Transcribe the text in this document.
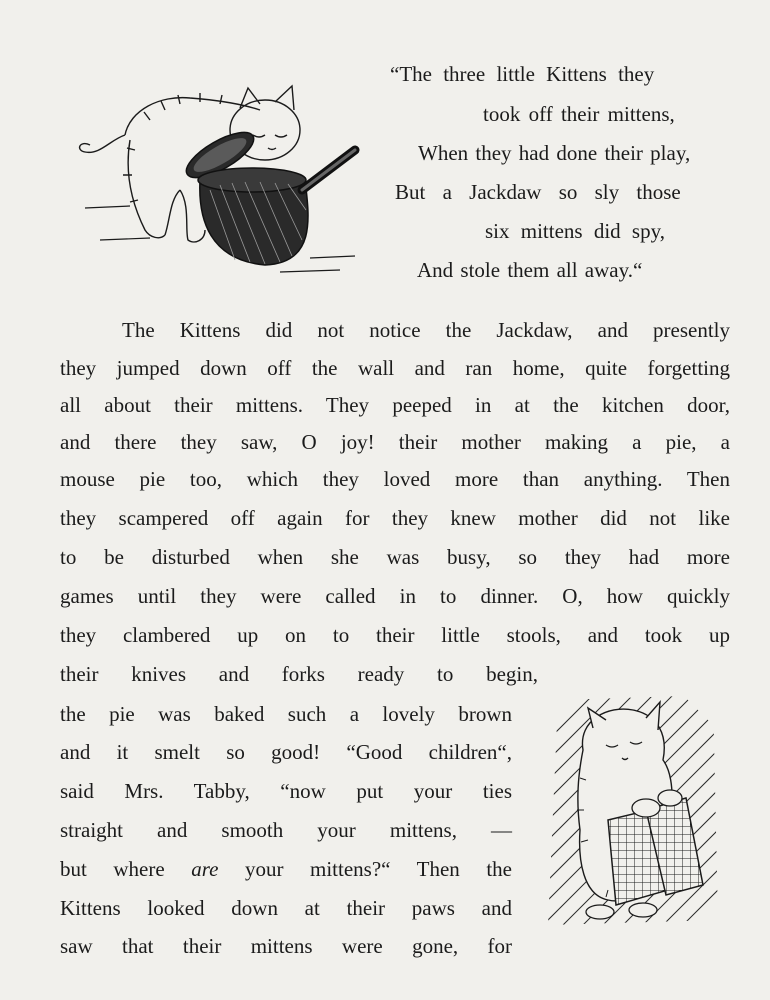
“The three little Kittens they
took off their mittens,
When they had done their play,
But a Jackdaw so sly those
six mittens did spy,
And stole them all away.“
The Kittens did not notice the Jackdaw, and presently
they jumped down off the wall and ran home, quite forgetting
all about their mittens. They peeped in at the kitchen door,
and there they saw, O joy! their mother making a pie, a
mouse pie too, which they loved more than anything. Then
they scampered off again for they knew mother did not like
to be disturbed when she was busy, so they had more
games until they were called in to dinner. O, how quickly
they clambered up on to their little stools, and took up
their knives and forks ready to begin,
the pie was baked such a lovely brown
and it smelt so good! “Good children“,
said Mrs. Tabby, “now put your ties
straight and smooth your mittens, —
but where are your mittens?“ Then the
Kittens looked down at their paws and
saw that their mittens were gone, for
